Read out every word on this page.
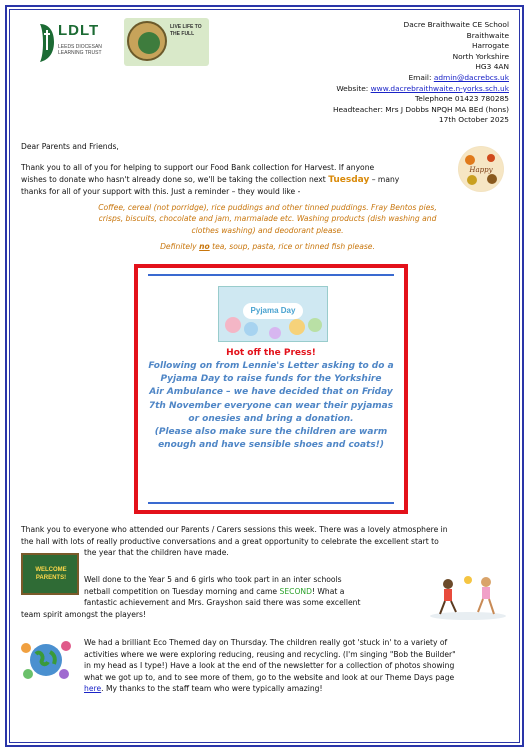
LDLT
LEEDS DIOCESAN LEARNING TRUST
LIVE LIFE TO THE FULL
Dacre Braithwaite CE School
Braithwaite
Harrogate
North Yorkshire
HG3 4AN
Email: admin@dacrebcs.uk
Website: www.dacrebraithwaite.n-yorks.sch.uk
Telephone 01423 780285
Headteacher: Mrs J Dobbs NPQH MA BEd (hons)
17th October 2025
Dear Parents and Friends,
Thank you to all of you for helping to support our Food Bank collection for Harvest. If anyone
wishes to donate who hasn't already done so, we'll be taking the collection next Tuesday – many
thanks for all of your support with this. Just a reminder – they would like -
Happy
Coffee, cereal (not porridge), rice puddings and other tinned puddings. Fray Bentos pies,
crisps, biscuits, chocolate and jam, marmalade etc. Washing products (dish washing and
clothes washing) and deodorant please.
Definitely no tea, soup, pasta, rice or tinned fish please.
Pyjama Day
Hot off the Press!
Following on from Lennie's Letter asking to do a
Pyjama Day to raise funds for the Yorkshire
Air Ambulance – we have decided that on Friday
7th November everyone can wear their pyjamas
or onesies and bring a donation.
(Please also make sure the children are warm
enough and have sensible shoes and coats!)
Thank you to everyone who attended our Parents / Carers sessions this week. There was a lovely atmosphere in
the hall with lots of really productive conversations and a great opportunity to celebrate the excellent start to
the year that the children have made.
WELCOME PARENTS!	Well done to the Year 5 and 6 girls who took part in an inter schools
netball competition on Tuesday morning and came SECOND! What a
fantastic achievement and Mrs. Grayshon said there was some excellent
team spirit amongst the players!
We had a brilliant Eco Themed day on Thursday. The children really got 'stuck in' to a variety of
activities where we were exploring reducing, reusing and recycling. (I'm singing "Bob the Builder"
in my head as I type!) Have a look at the end of the newsletter for a collection of photos showing
what we got up to, and to see more of them, go to the website and look at our Theme Days page
here. My thanks to the staff team who were typically amazing!
